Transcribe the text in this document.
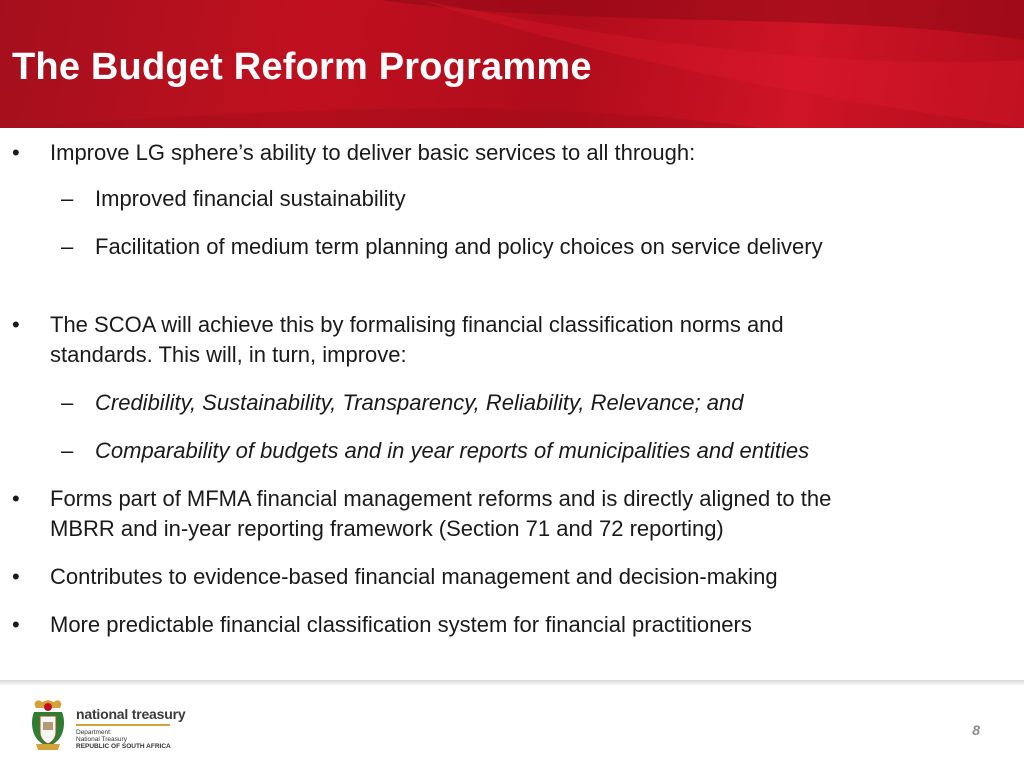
The Budget Reform Programme
• Improve LG sphere’s ability to deliver basic services to all through:
– Improved financial sustainability
– Facilitation of medium term planning and policy choices on service delivery
• The SCOA will achieve this by formalising financial classification norms and
standards. This will, in turn, improve:
– Credibility, Sustainability, Transparency, Reliability, Relevance; and
– Comparability of budgets and in year reports of municipalities and entities
• Forms part of MFMA financial management reforms and is directly aligned to the
MBRR and in-year reporting framework (Section 71 and 72 reporting)
• Contributes to evidence-based financial management and decision-making
• More predictable financial classification system for financial practitioners
national treasury
Department:
National Treasury
REPUBLIC OF SOUTH AFRICA
8
